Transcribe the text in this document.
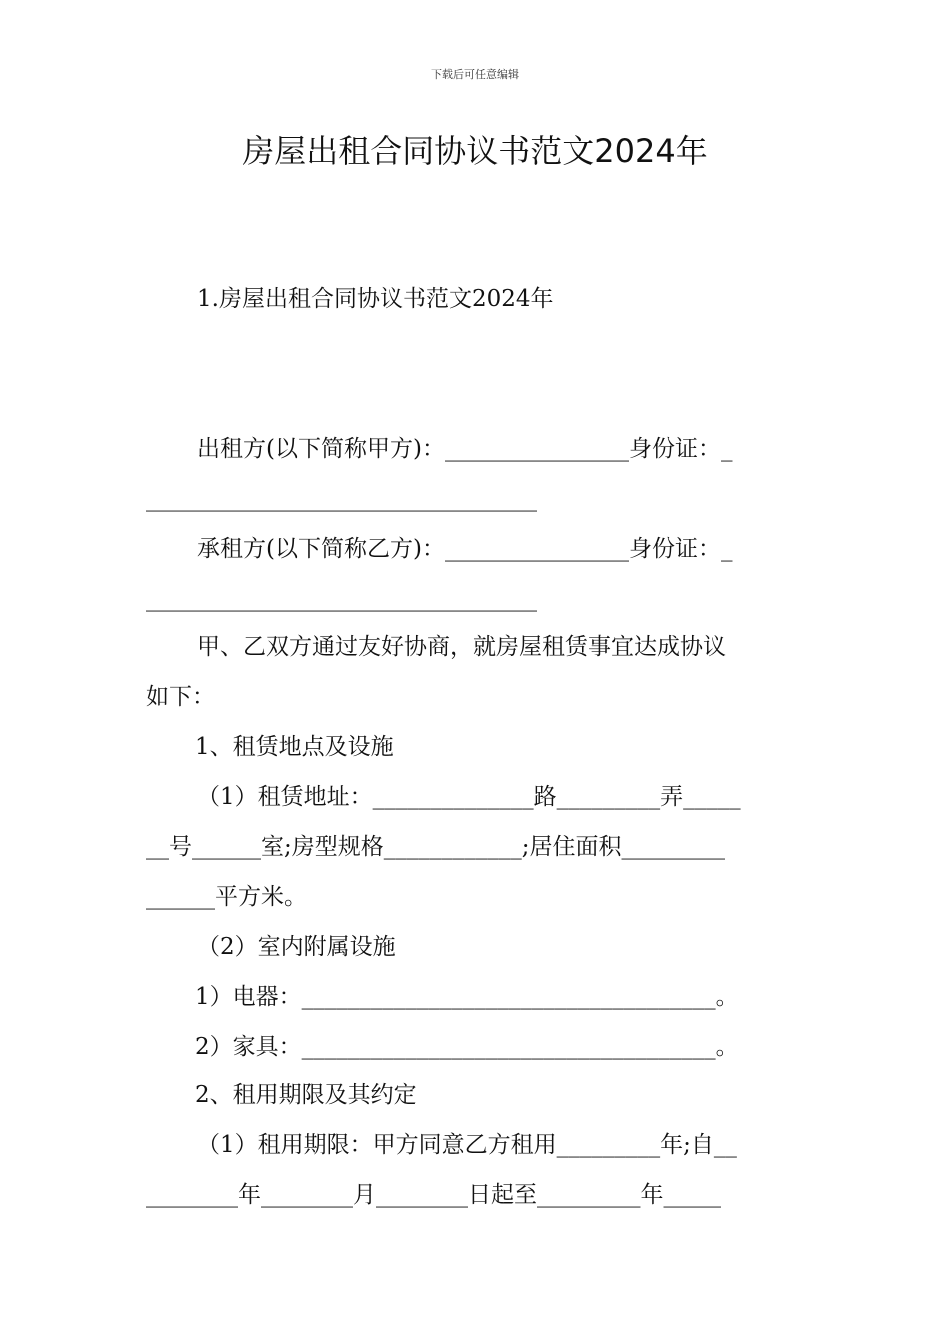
下载后可任意编辑
房屋出租合同协议书范文2024年
1.房屋出租合同协议书范文2024年
出租方(以下简称甲方)：________________身份证：_
__________________________________
承租方(以下简称乙方)：________________身份证：_
__________________________________
甲、乙双方通过友好协商，就房屋租赁事宜达成协议
如下：
1、租赁地点及设施
（1）租赁地址：______________路_________弄_____
__号______室;房型规格____________;居住面积_________
______平方米。
（2）室内附属设施
1）电器：____________________________________。
2）家具：____________________________________。
2、租用期限及其约定
（1）租用期限：甲方同意乙方租用_________年;自__
________年________月________日起至_________年_____
